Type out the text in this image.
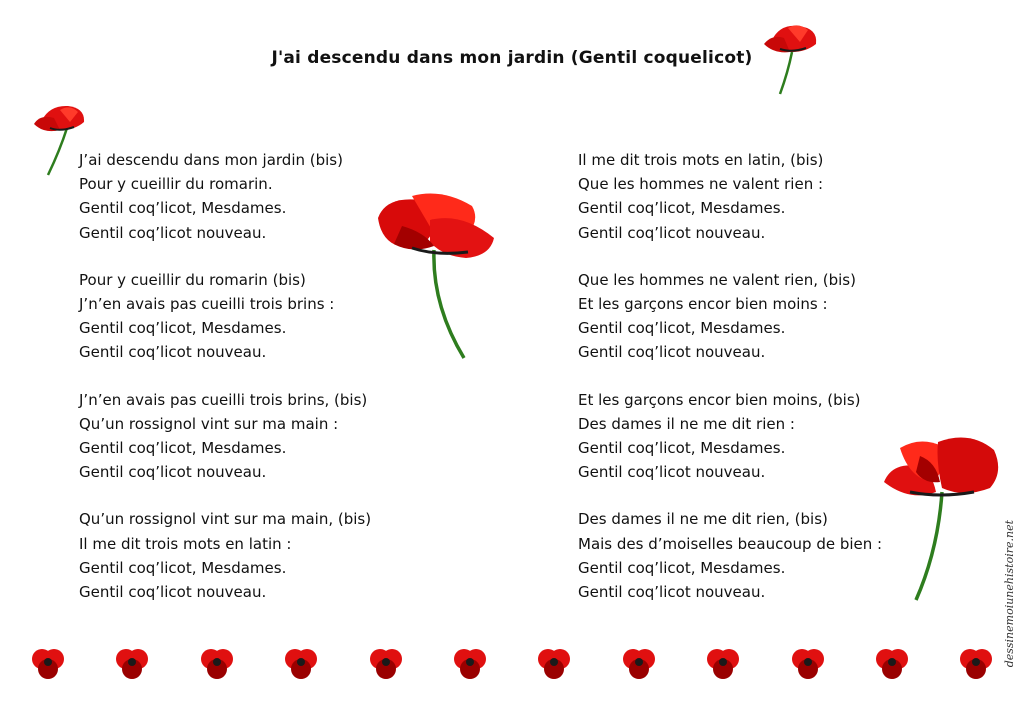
J'ai descendu dans mon jardin (Gentil coquelicot)
J’ai descendu dans mon jardin (bis)
Pour y cueillir du romarin.
Gentil coq’licot, Mesdames.
Gentil coq’licot nouveau.
Pour y cueillir du romarin (bis)
J’n’en avais pas cueilli trois brins :
Gentil coq’licot, Mesdames.
Gentil coq’licot nouveau.
J’n’en avais pas cueilli trois brins, (bis)
Qu’un rossignol vint sur ma main :
Gentil coq’licot, Mesdames.
Gentil coq’licot nouveau.
Qu’un rossignol vint sur ma main, (bis)
Il me dit trois mots en latin :
Gentil coq’licot, Mesdames.
Gentil coq’licot nouveau.
Il me dit trois mots en latin, (bis)
Que les hommes ne valent rien :
Gentil coq’licot, Mesdames.
Gentil coq’licot nouveau.
Que les hommes ne valent rien, (bis)
Et les garçons encor bien moins :
Gentil coq’licot, Mesdames.
Gentil coq’licot nouveau.
Et les garçons encor bien moins, (bis)
Des dames il ne me dit rien :
Gentil coq’licot, Mesdames.
Gentil coq’licot nouveau.
Des dames il ne me dit rien, (bis)
Mais des d’moiselles beaucoup de bien :
Gentil coq’licot, Mesdames.
Gentil coq’licot nouveau.	dessinemoiunehistoire.net
